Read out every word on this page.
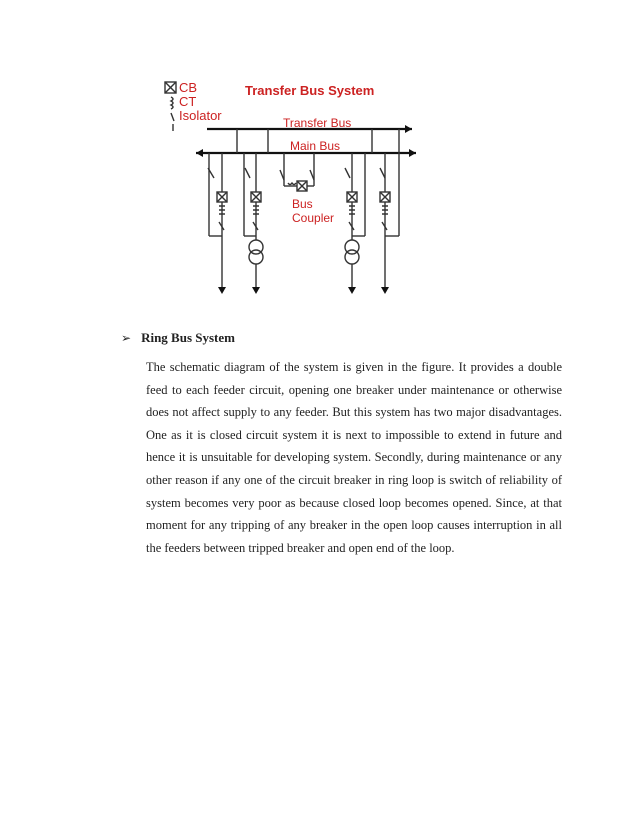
CB
CT
Isolator
Transfer Bus System
Transfer Bus
Main Bus
Bus
Coupler
➢ Ring Bus System

The schematic diagram of the system is given in the figure. It provides a double feed to each feeder circuit, opening one breaker under maintenance or otherwise does not affect supply to any feeder. But this system has two major disadvantages. One as it is closed circuit system it is next to impossible to extend in future and hence it is unsuitable for developing system. Secondly, during maintenance or any other reason if any one of the circuit breaker in ring loop is switch of reliability of system becomes very poor as because closed loop becomes opened. Since, at that moment for any tripping of any breaker in the open loop causes interruption in all the feeders between tripped breaker and open end of the loop.
